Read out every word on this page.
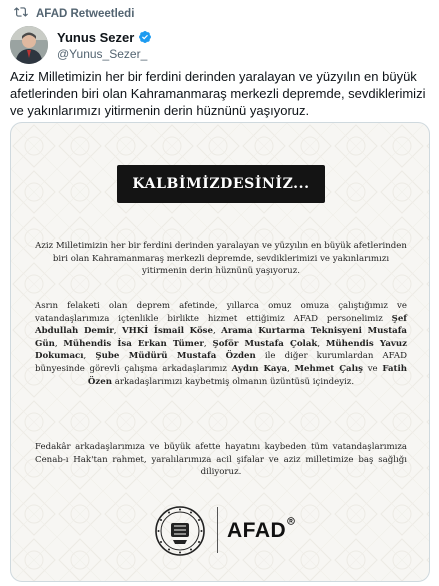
AFAD Retweetledi
Yunus Sezer
@Yunus_Sezer_
Aziz Milletimizin her bir ferdini derinden yaralayan ve yüzyılın en büyük afetlerinden biri olan Kahramanmaraş merkezli depremde, sevdiklerimizi ve yakınlarımızı yitirmenin derin hüznünü yaşıyoruz.
KALBİMİZDESİNİZ...
Aziz Milletimizin her bir ferdini derinden yaralayan ve yüzyılın en büyük afetlerinden biri olan Kahramanmaraş merkezli depremde, sevdiklerimizi ve yakınlarımızı yitirmenin derin hüznünü yaşıyoruz.
Asrın felaketi olan deprem afetinde, yıllarca omuz omuza çalıştığımız ve vatandaşlarımıza içtenlikle birlikte hizmet ettiğimiz AFAD personelimiz Şef Abdullah Demir, VHKİ İsmail Köse, Arama Kurtarma Teknisyeni Mustafa Gün, Mühendis İsa Erkan Tümer, Şoför Mustafa Çolak, Mühendis Yavuz Dokumacı, Şube Müdürü Mustafa Özden ile diğer kurumlardan AFAD bünyesinde görevli çalışma arkadaşlarımız Aydın Kaya, Mehmet Çalış ve Fatih Özen arkadaşlarımızı kaybetmiş olmanın üzüntüsü içindeyiz.
Fedakâr arkadaşlarımıza ve büyük afette hayatını kaybeden tüm vatandaşlarımıza Cenab-ı Hak'tan rahmet, yaralılarımıza acil şifalar ve aziz milletimize baş sağlığı diliyoruz.
AFAD
